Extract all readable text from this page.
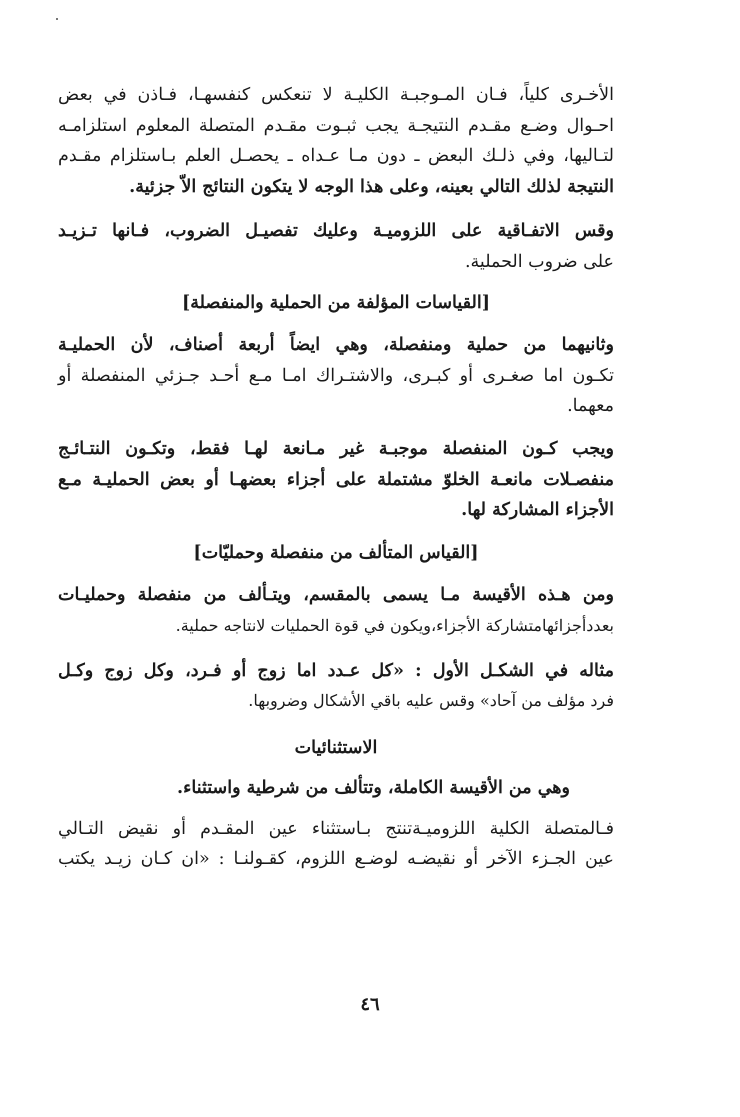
الأخـرى كلياً، فـان المـوجبـة الكليـة لا تنعكس كنفسهـا، فـاذن في بعض
احـوال وضـع مقـدم النتيجـة يجب ثبـوت مقـدم المتصلة المعلوم استلزامـه
لتـاليها، وفي ذلـك البعض ـ دون مـا عـداه ـ يحصـل العلم بـاستلزام مقـدم
النتيجة لذلك التالي بعينه، وعلى هذا الوجه لا يتكون النتائج الاّ جزئية.

وقس الاتفـاقية على اللزوميـة وعليك تفصيـل الضروب، فـانها تـزيـد
على ضروب الحملية.

[القياسات المؤلفة من الحملية والمنفصلة]

وثانيهما من حملية ومنفصلة، وهي ايضاً أربعة أصناف، لأن الحمليـة
تكـون اما صغـرى أو كبـرى، والاشتـراك امـا مـع أحـد جـزئي المنفصلة أو
معهما.

ويجب كـون المنفصلة موجبـة غير مـانعة لهـا فقط، وتكـون النتـائـج
منفصـلات مانعـة الخلوّ مشتملة على أجزاء بعضهـا أو بعض الحمليـة مـع
الأجزاء المشاركة لها.

[القياس المتألف من منفصلة وحمليّات]

ومن هـذه الأقيسة مـا يسمى بالمقسم، ويتـألف من منفصلة وحمليـات
بعددأجزائهامتشاركة الأجزاء،ويكون في قوة الحمليات لانتاجه حملية.

مثاله في الشكـل الأول : «كل عـدد اما زوج أو فـرد، وكل زوج وكـل
فرد مؤلف من آحاد» وقس عليه باقي الأشكال وضروبها.

الاستثنائيات

وهي من الأقيسة الكاملة، وتتألف من شرطية واستثناء.

فـالمتصلة الكلية اللزوميـةتنتج بـاستثناء عين المقـدم أو نقيض التـالي
عين الجـزء الآخر أو نقيضـه لوضـع اللزوم، كقـولنـا : «ان كـان زيـد يكتب

٤٦
